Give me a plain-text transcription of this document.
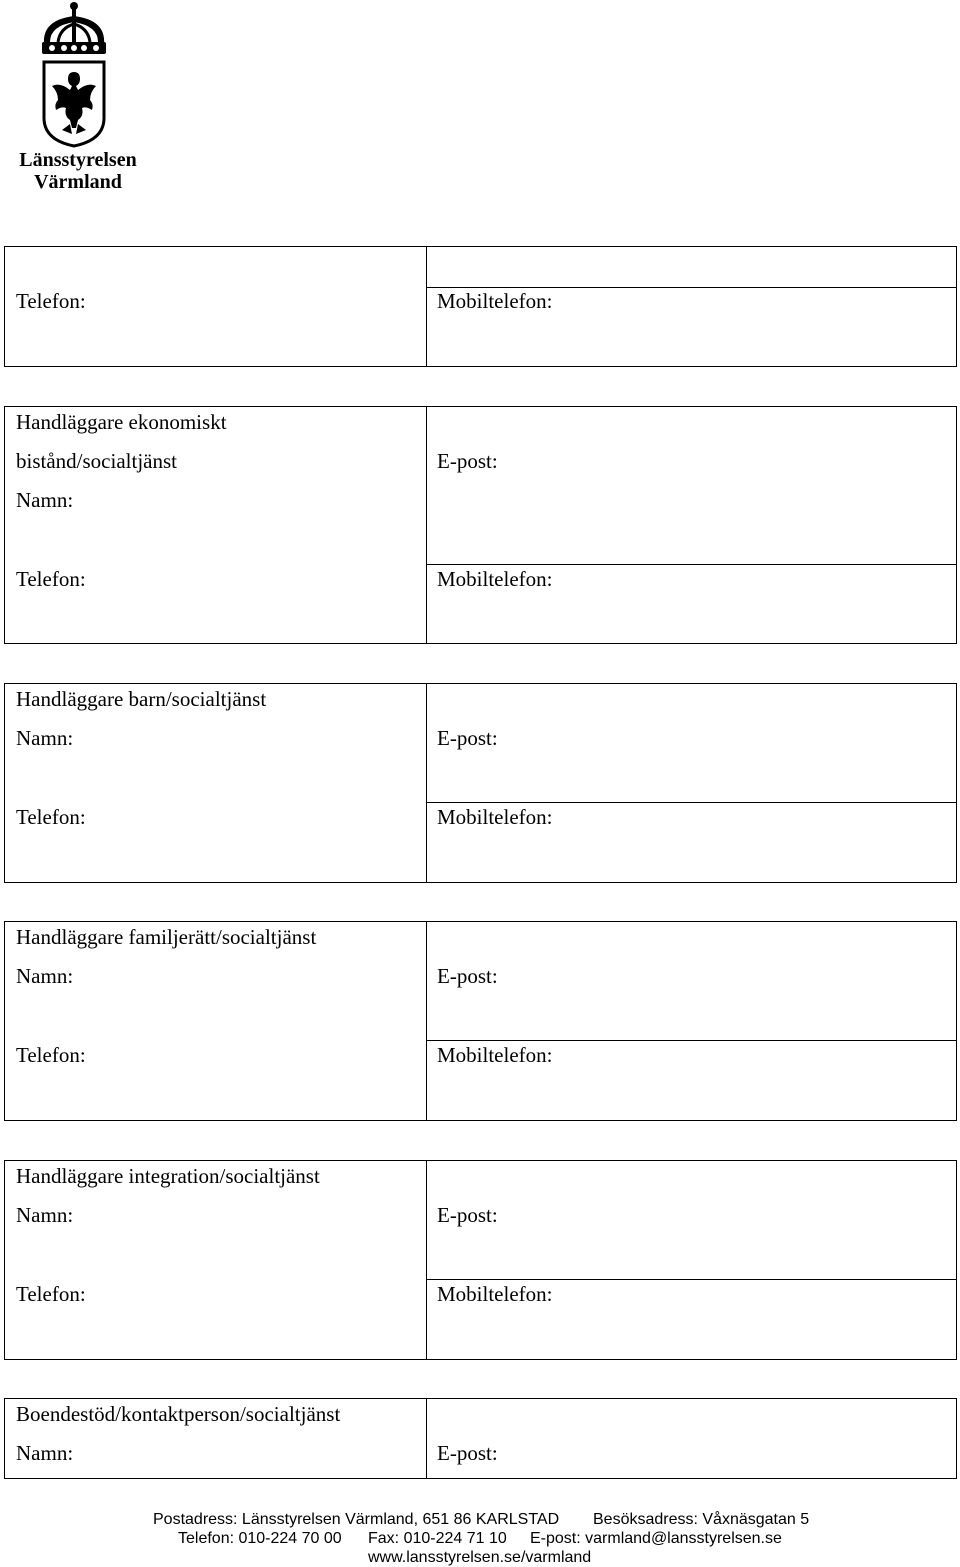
Länsstyrelsen
Värmland
Telefon:	Mobiltelefon:
Handläggare ekonomiskt
bistånd/socialtjänst
Namn:
E-post:
Telefon:	Mobiltelefon:
Handläggare barn/socialtjänst
Namn:	E-post:
Telefon:	Mobiltelefon:
Handläggare familjerätt/socialtjänst
Namn:	E-post:
Telefon:	Mobiltelefon:
Handläggare integration/socialtjänst
Namn:	E-post:
Telefon:	Mobiltelefon:
Boendestöd/kontaktperson/socialtjänst
Namn:	E-post:
Postadress: Länsstyrelsen Värmland, 651 86 KARLSTAD Besöksadress: Våxnäsgatan 5
Telefon: 010-224 70 00 Fax: 010-224 71 10 E-post: varmland@lansstyrelsen.se
www.lansstyrelsen.se/varmland
